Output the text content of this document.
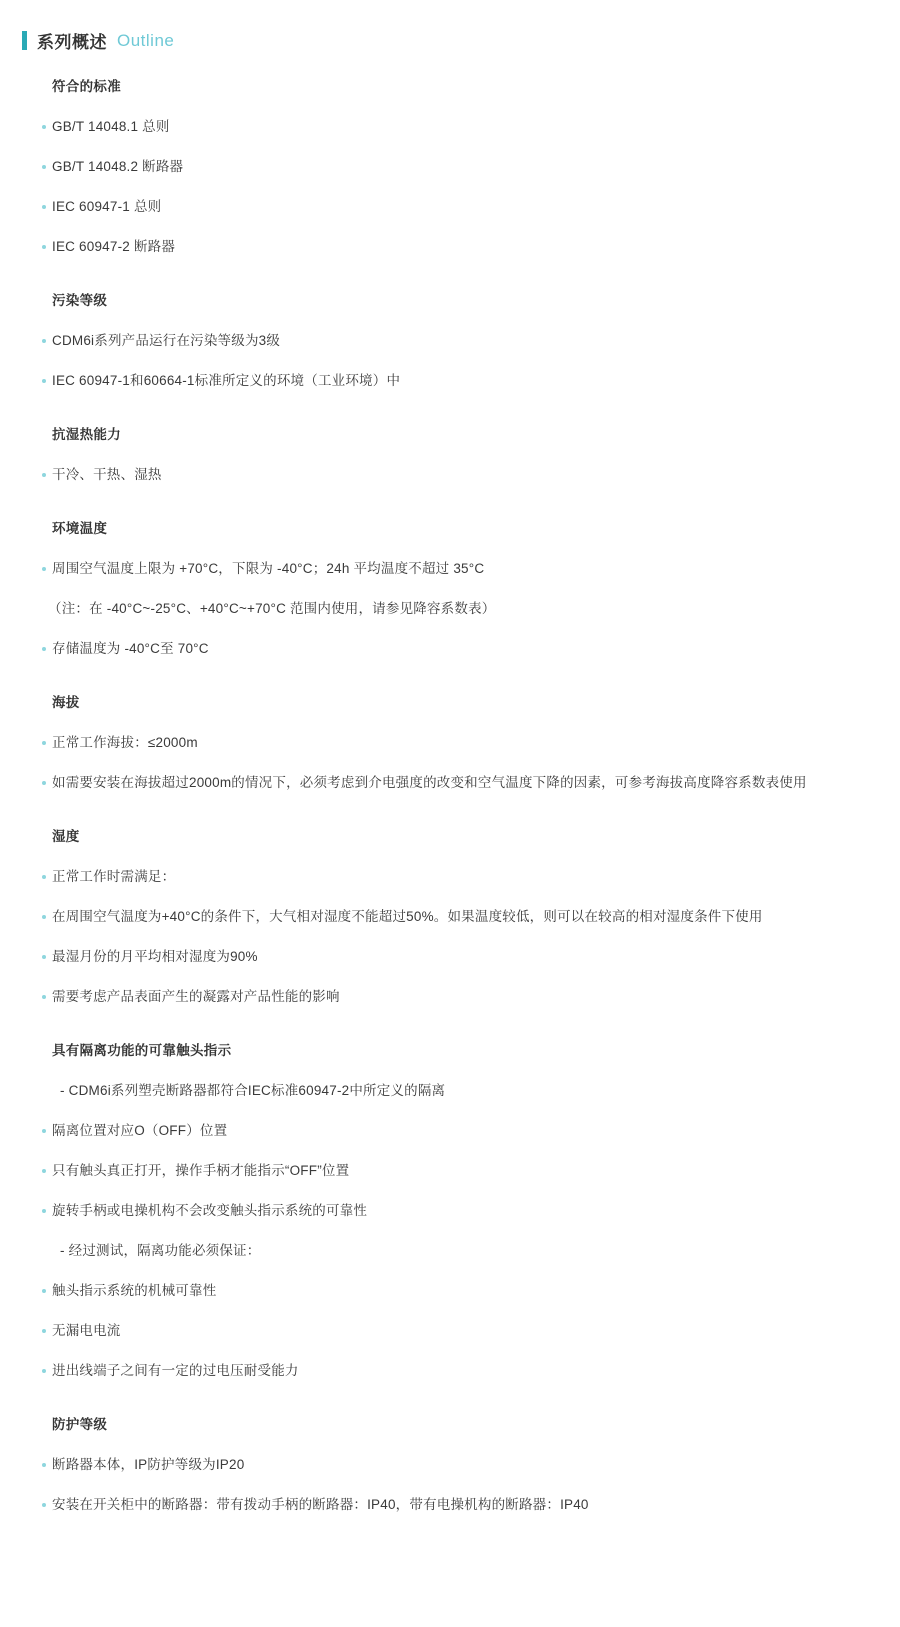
系列概述 Outline
符合的标准
GB/T 14048.1 总则
GB/T 14048.2 断路器
IEC 60947-1 总则
IEC 60947-2 断路器
污染等级
CDM6i系列产品运行在污染等级为3级
IEC 60947-1和60664-1标准所定义的环境（工业环境）中
抗湿热能力
干冷、干热、湿热
环境温度
周围空气温度上限为 +70°C，下限为 -40°C；24h 平均温度不超过 35°C
（注：在 -40°C~-25°C、+40°C~+70°C 范围内使用，请参见降容系数表）
存储温度为 -40°C至 70°C
海拔
正常工作海拔：≤2000m
如需要安装在海拔超过2000m的情况下，必须考虑到介电强度的改变和空气温度下降的因素，可参考海拔高度降容系数表使用
湿度
正常工作时需满足：
在周围空气温度为+40°C的条件下，大气相对湿度不能超过50%。如果温度较低，则可以在较高的相对湿度条件下使用
最湿月份的月平均相对湿度为90%
需要考虑产品表面产生的凝露对产品性能的影响
具有隔离功能的可靠触头指示
- CDM6i系列塑壳断路器都符合IEC标准60947-2中所定义的隔离
隔离位置对应O（OFF）位置
只有触头真正打开，操作手柄才能指示“OFF”位置
旋转手柄或电操机构不会改变触头指示系统的可靠性
- 经过测试，隔离功能必须保证：
触头指示系统的机械可靠性
无漏电电流
进出线端子之间有一定的过电压耐受能力
防护等级
断路器本体，IP防护等级为IP20
安装在开关柜中的断路器：带有拨动手柄的断路器：IP40，带有电操机构的断路器：IP40
